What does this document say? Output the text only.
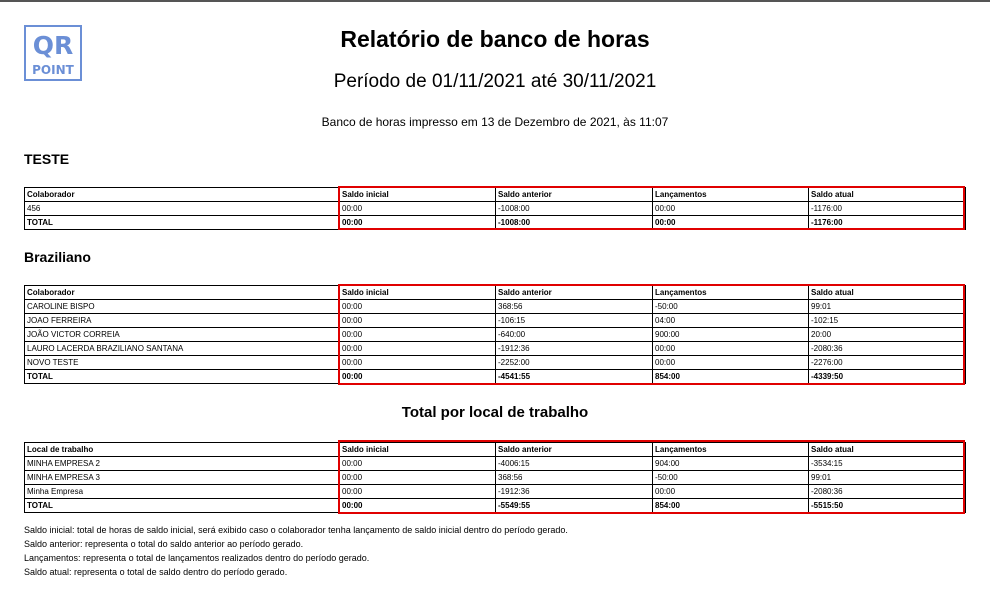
QR
POINT
Relatório de banco de horas
Período de 01/11/2021 até 30/11/2021
Banco de horas impresso em 13 de Dezembro de 2021, às 11:07
TESTE
Colaborador	Saldo inicial	Saldo anterior	Lançamentos	Saldo atual
456	00:00	-1008:00	00:00	-1176:00
TOTAL	00:00	-1008:00	00:00	-1176:00
Braziliano
Colaborador	Saldo inicial	Saldo anterior	Lançamentos	Saldo atual
CAROLINE BISPO	00:00	368:56	-50:00	99:01
JOAO FERREIRA	00:00	-106:15	04:00	-102:15
JOÃO VICTOR CORREIA	00:00	-640:00	900:00	20:00
LAURO LACERDA BRAZILIANO SANTANA	00:00	-1912:36	00:00	-2080:36
NOVO TESTE	00:00	-2252:00	00:00	-2276:00
TOTAL	00:00	-4541:55	854:00	-4339:50
Total por local de trabalho
Local de trabalho	Saldo inicial	Saldo anterior	Lançamentos	Saldo atual
MINHA EMPRESA 2	00:00	-4006:15	904:00	-3534:15
MINHA EMPRESA 3	00:00	368:56	-50:00	99:01
Minha Empresa	00:00	-1912:36	00:00	-2080:36
TOTAL	00:00	-5549:55	854:00	-5515:50
Saldo inicial: total de horas de saldo inicial, será exibido caso o colaborador tenha lançamento de saldo inicial dentro do período gerado.
Saldo anterior: representa o total do saldo anterior ao período gerado.
Lançamentos: representa o total de lançamentos realizados dentro do período gerado.
Saldo atual: representa o total de saldo dentro do período gerado.
